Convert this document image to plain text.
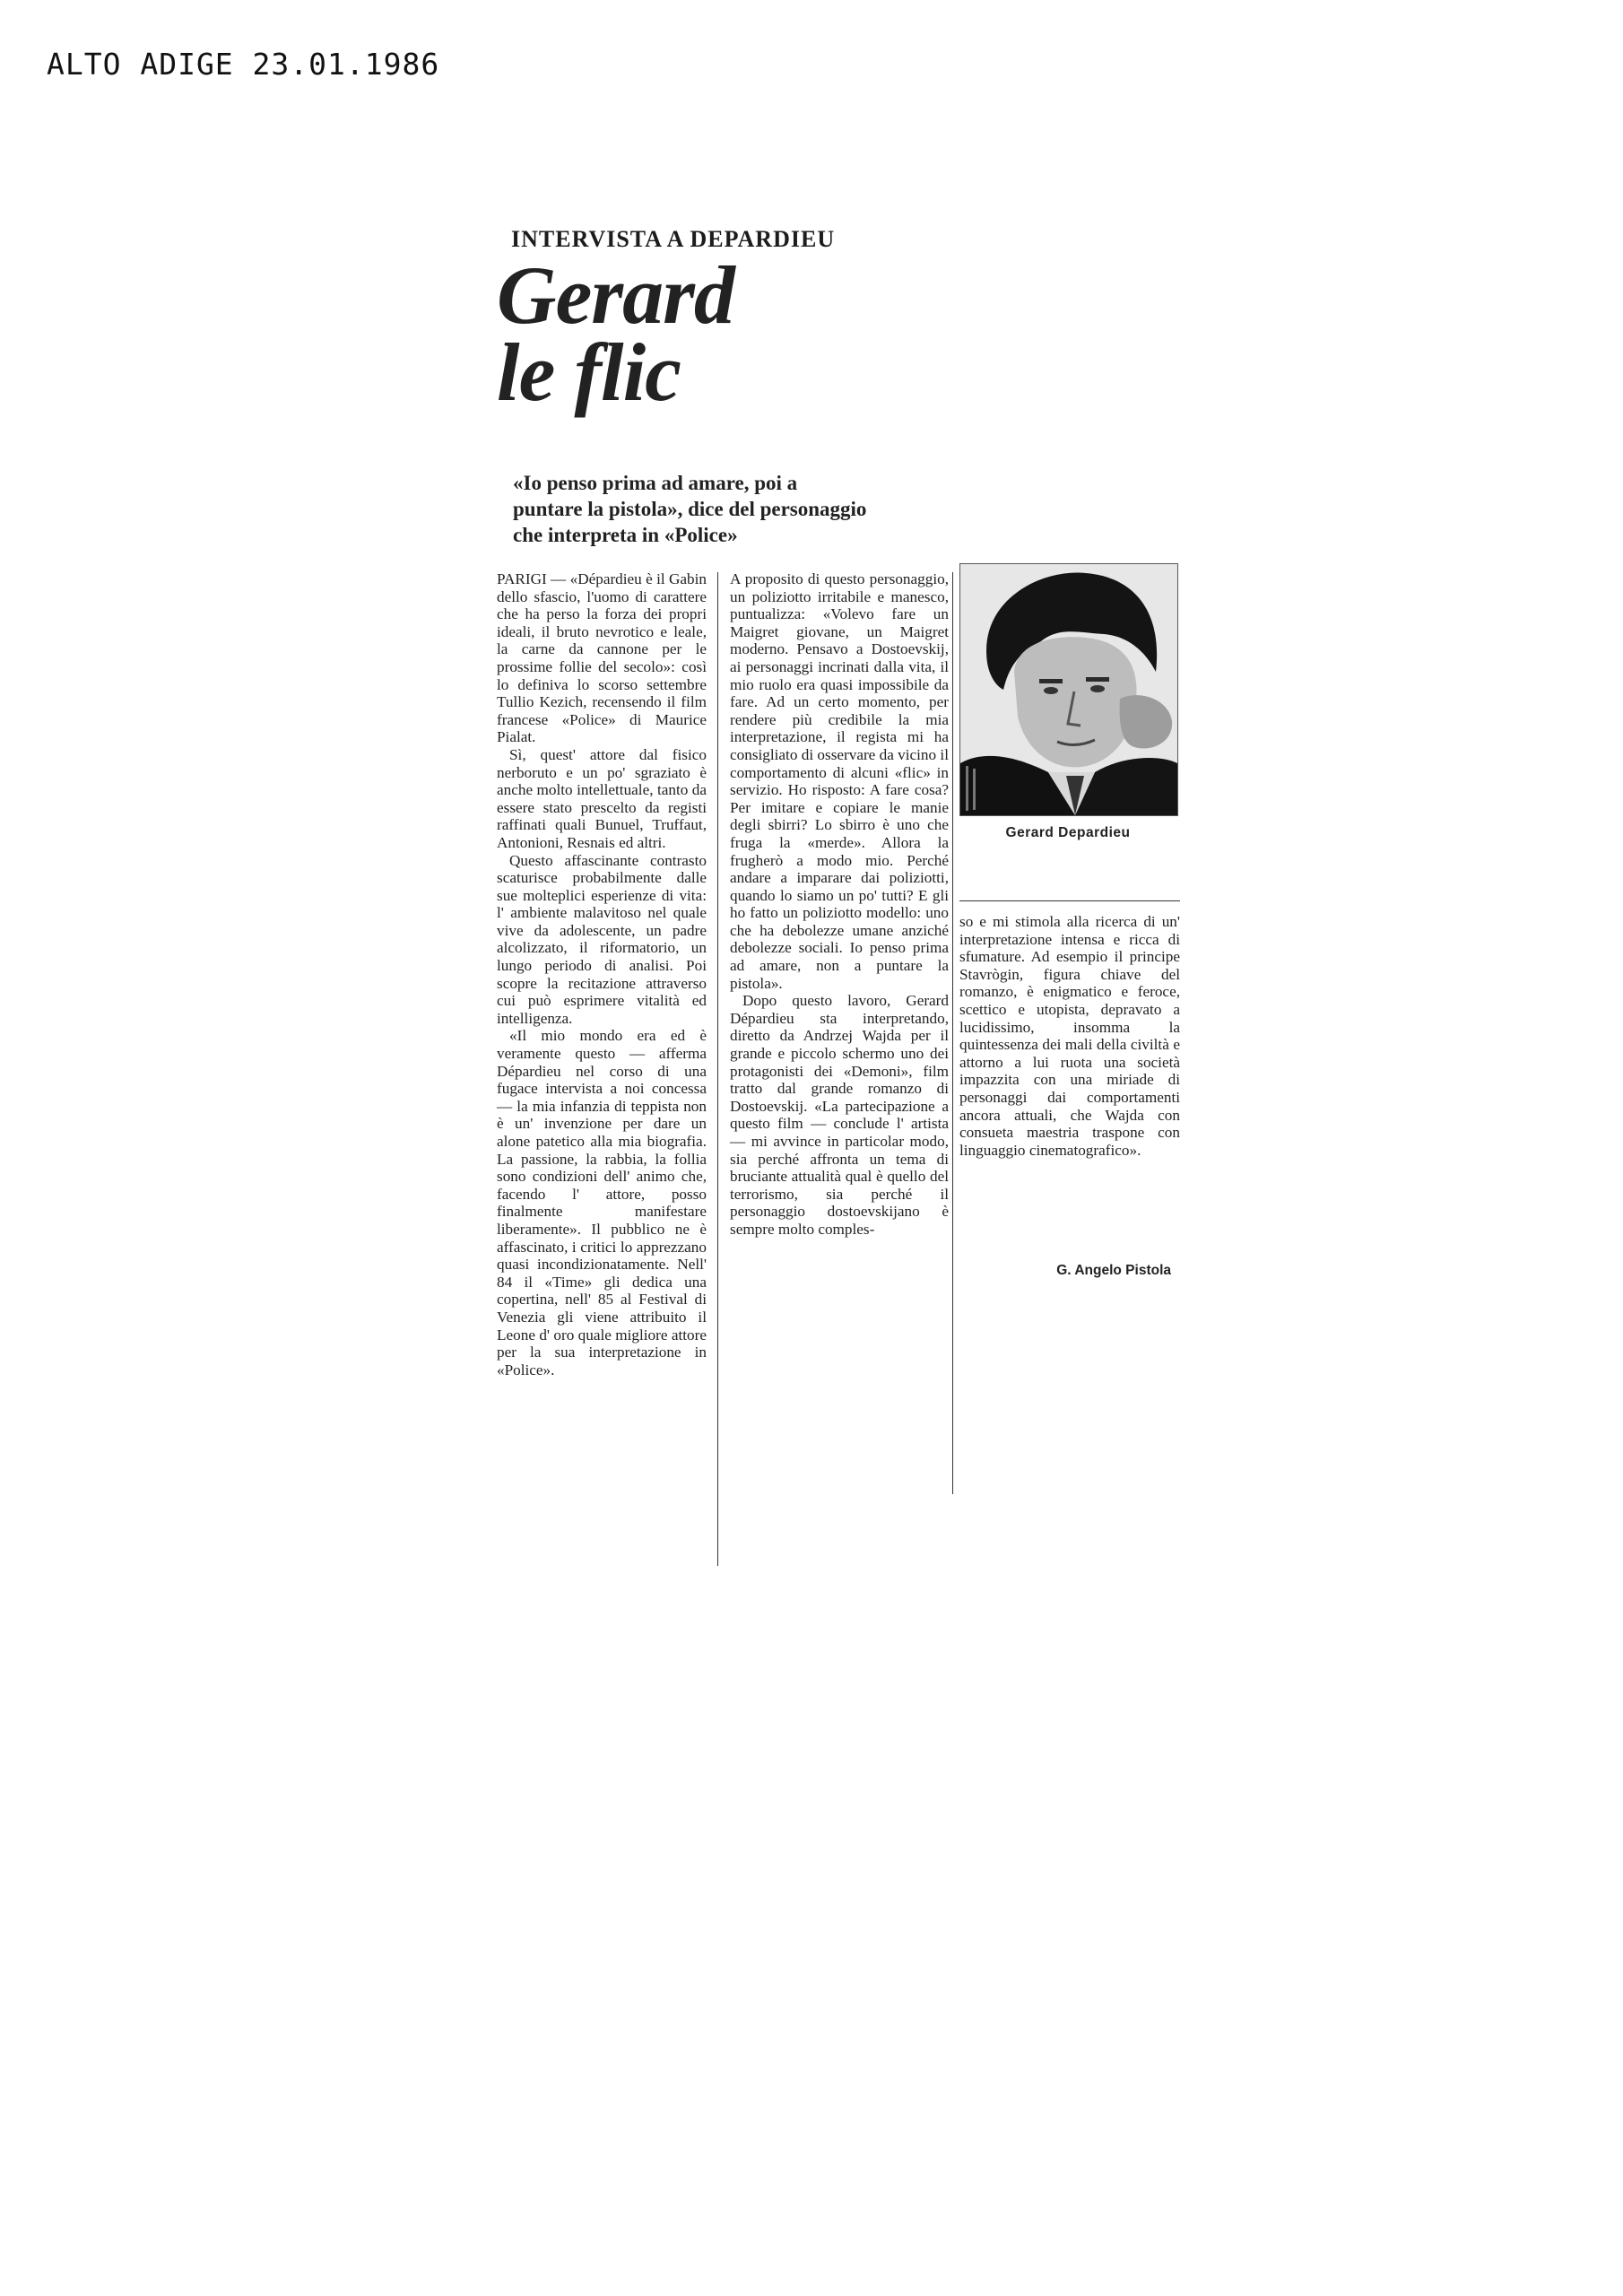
ALTO ADIGE 23.01.1986
INTERVISTA A DEPARDIEU
Gerard
le flic
«Io penso prima ad amare, poi a puntare la pistola», dice del personaggio che interpreta in «Police»

PARIGI — «Dépardieu è il Gabin dello sfascio, l'uomo di carattere che ha perso la forza dei propri ideali, il bruto nevrotico e leale, la carne da cannone per le prossime follie del secolo»: così lo definiva lo scorso settembre Tullio Kezich, recensendo il film francese «Police» di Maurice Pialat.

Sì, quest' attore dal fisico nerboruto e un po' sgraziato è anche molto intellettuale, tanto da essere stato prescelto da registi raffinati quali Bunuel, Truffaut, Antonioni, Resnais ed altri.

Questo affascinante contrasto scaturisce probabilmente dalle sue molteplici esperienze di vita: l' ambiente malavitoso nel quale vive da adolescente, un padre alcolizzato, il riformatorio, un lungo periodo di analisi. Poi scopre la recitazione attraverso cui può esprimere vitalità ed intelligenza.

«Il mio mondo era ed è veramente questo — afferma Dépardieu nel corso di una fugace intervista a noi concessa — la mia infanzia di teppista non è un' invenzione per dare un alone patetico alla mia biografia. La passione, la rabbia, la follia sono condizioni dell' animo che, facendo l' attore, posso finalmente manifestare liberamente». Il pubblico ne è affascinato, i critici lo apprezzano quasi incondizionatamente. Nell' 84 il «Time» gli dedica una copertina, nell' 85 al Festival di Venezia gli viene attribuito il Leone d' oro quale migliore attore per la sua interpretazione in «Police».

A proposito di questo personaggio, un poliziotto irritabile e manesco, puntualizza: «Volevo fare un Maigret giovane, un Maigret moderno. Pensavo a Dostoevskij, ai personaggi incrinati dalla vita, il mio ruolo era quasi impossibile da fare. Ad un certo momento, per rendere più credibile la mia interpretazione, il regista mi ha consigliato di osservare da vicino il comportamento di alcuni «flic» in servizio. Ho risposto: A fare cosa? Per imitare e copiare le manie degli sbirri? Lo sbirro è uno che fruga la «merde». Allora la frugherò a modo mio. Perché andare a imparare dai poliziotti, quando lo siamo un po' tutti? E gli ho fatto un poliziotto modello: uno che ha debolezze umane anziché debolezze sociali. Io penso prima ad amare, non a puntare la pistola».

Dopo questo lavoro, Gerard Dépardieu sta interpretando, diretto da Andrzej Wajda per il grande e piccolo schermo uno dei protagonisti dei «Demoni», film tratto dal grande romanzo di Dostoevskij. «La partecipazione a questo film — conclude l' artista — mi avvince in particolar modo, sia perché affronta un tema di bruciante attualità qual è quello del terrorismo, sia perché il personaggio dostoevskijano è sempre molto comples-

Gerard Depardieu

so e mi stimola alla ricerca di un' interpretazione intensa e ricca di sfumature. Ad esempio il principe Stavrògin, figura chiave del romanzo, è enigmatico e feroce, scettico e utopista, depravato a lucidissimo, insomma la quintessenza dei mali della civiltà e attorno a lui ruota una società impazzita con una miriade di personaggi dai comportamenti ancora attuali, che Wajda con consueta maestria traspone con linguaggio cinematografico».

G. Angelo Pistola
